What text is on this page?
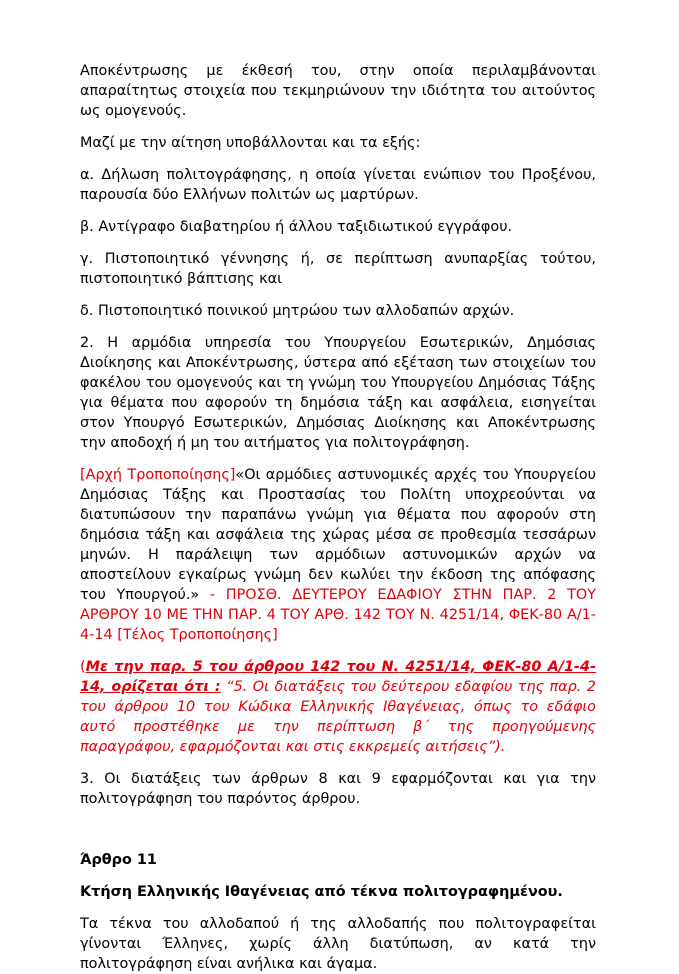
Αποκέντρωσης με έκθεσή του, στην οποία περιλαμβάνονται απαραίτητως στοιχεία που τεκμηριώνουν την ιδιότητα του αιτούντος ως ομογενούς.

Μαζί με την αίτηση υποβάλλονται και τα εξής:

α. Δήλωση πολιτογράφησης, η οποία γίνεται ενώπιον του Προξένου, παρουσία δύο Ελλήνων πολιτών ως μαρτύρων.

β. Αντίγραφο διαβατηρίου ή άλλου ταξιδιωτικού εγγράφου.

γ. Πιστοποιητικό γέννησης ή, σε περίπτωση ανυπαρξίας τούτου, πιστοποιητικό βάπτισης και

δ. Πιστοποιητικό ποινικού μητρώου των αλλοδαπών αρχών.

2. Η αρμόδια υπηρεσία του Υπουργείου Εσωτερικών, Δημόσιας Διοίκησης και Αποκέντρωσης, ύστερα από εξέταση των στοιχείων του φακέλου του ομογενούς και τη γνώμη του Υπουργείου Δημόσιας Τάξης για θέματα που αφορούν τη δημόσια τάξη και ασφάλεια, εισηγείται στον Υπουργό Εσωτερικών, Δημόσιας Διοίκησης και Αποκέντρωσης την αποδοχή ή μη του αιτήματος για πολιτογράφηση.

[Αρχή Τροποποίησης]«Οι αρμόδιες αστυνομικές αρχές του Υπουργείου Δημόσιας Τάξης και Προστασίας του Πολίτη υποχρεούνται να διατυπώσουν την παραπάνω γνώμη για θέματα που αφορούν στη δημόσια τάξη και ασφάλεια της χώρας μέσα σε προθεσμία τεσσάρων μηνών. Η παράλειψη των αρμόδιων αστυνομικών αρχών να αποστείλουν εγκαίρως γνώμη δεν κωλύει την έκδοση της απόφασης του Υπουργού.» - ΠΡΟΣΘ. ΔΕΥΤΕΡΟΥ ΕΔΑΦΙΟΥ ΣΤΗΝ ΠΑΡ. 2 ΤΟΥ ΑΡΘΡΟΥ 10 ΜΕ ΤΗΝ ΠΑΡ. 4 ΤΟΥ ΑΡΘ. 142 ΤΟΥ Ν. 4251/14, ΦΕΚ-80 Α/1-4-14 [Τέλος Τροποποίησης]

(Με την παρ. 5 του άρθρου 142 του Ν. 4251/14, ΦΕΚ-80 Α/1-4-14, ορίζεται ότι : “5. Οι διατάξεις του δεύτερου εδαφίου της παρ. 2 του άρθρου 10 του Κώδικα Ελληνικής Ιθαγένειας, όπως το εδάφιο αυτό προστέθηκε με την περίπτωση β΄ της προηγούμενης παραγράφου, εφαρμόζονται και στις εκκρεμείς αιτήσεις”).

3. Οι διατάξεις των άρθρων 8 και 9 εφαρμόζονται και για την πολιτογράφηση του παρόντος άρθρου.

Άρθρο 11

Κτήση Ελληνικής Ιθαγένειας από τέκνα πολιτογραφημένου.

Τα τέκνα του αλλοδαπού ή της αλλοδαπής που πολιτογραφείται γίνονται Έλληνες, χωρίς άλλη διατύπωση, αν κατά την πολιτογράφηση είναι ανήλικα και άγαμα.
